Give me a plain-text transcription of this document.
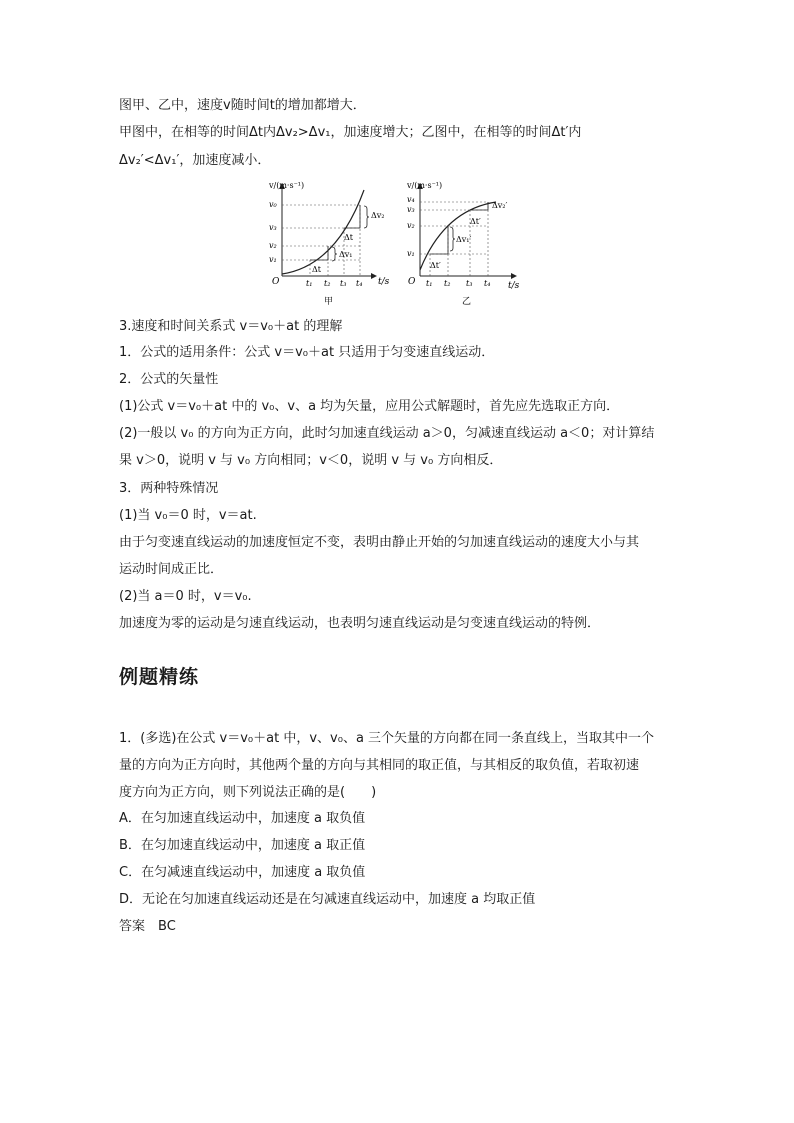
图甲、乙中，速度v随时间t的增加都增大．
甲图中，在相等的时间Δt内Δv₂>Δv₁，加速度增大；乙图中，在相等的时间Δt′内
Δv₂′<Δv₁′，加速度减小．
v/(m·s⁻¹)
t/s
O
v₀
v₃
v₂
v₁
t₁ t₂ t₃ t₄
Δv₂
Δv₁
Δt
Δt
甲
v/(m·s⁻¹)
t/s
O
v₄
v₃
v₂
v₁
t₁ t₂ t₃ t₄
Δv₂′
Δv₁′
Δt′
Δt′
乙
3.速度和时间关系式 v＝v₀＋at 的理解
1．公式的适用条件：公式 v＝v₀＋at 只适用于匀变速直线运动．
2．公式的矢量性
(1)公式 v＝v₀＋at 中的 v₀、v、a 均为矢量，应用公式解题时，首先应先选取正方向．
(2)一般以 v₀ 的方向为正方向，此时匀加速直线运动 a＞0，匀减速直线运动 a＜0；对计算结
果 v＞0，说明 v 与 v₀ 方向相同；v＜0，说明 v 与 v₀ 方向相反．
3．两种特殊情况
(1)当 v₀＝0 时，v＝at.
由于匀变速直线运动的加速度恒定不变，表明由静止开始的匀加速直线运动的速度大小与其
运动时间成正比．
(2)当 a＝0 时，v＝v₀.
加速度为零的运动是匀速直线运动，也表明匀速直线运动是匀变速直线运动的特例．
例题精练
1．(多选)在公式 v＝v₀＋at 中，v、v₀、a 三个矢量的方向都在同一条直线上，当取其中一个
量的方向为正方向时，其他两个量的方向与其相同的取正值，与其相反的取负值，若取初速
度方向为正方向，则下列说法正确的是(　　)
A．在匀加速直线运动中，加速度 a 取负值
B．在匀加速直线运动中，加速度 a 取正值
C．在匀减速直线运动中，加速度 a 取负值
D．无论在匀加速直线运动还是在匀减速直线运动中，加速度 a 均取正值
答案　BC
